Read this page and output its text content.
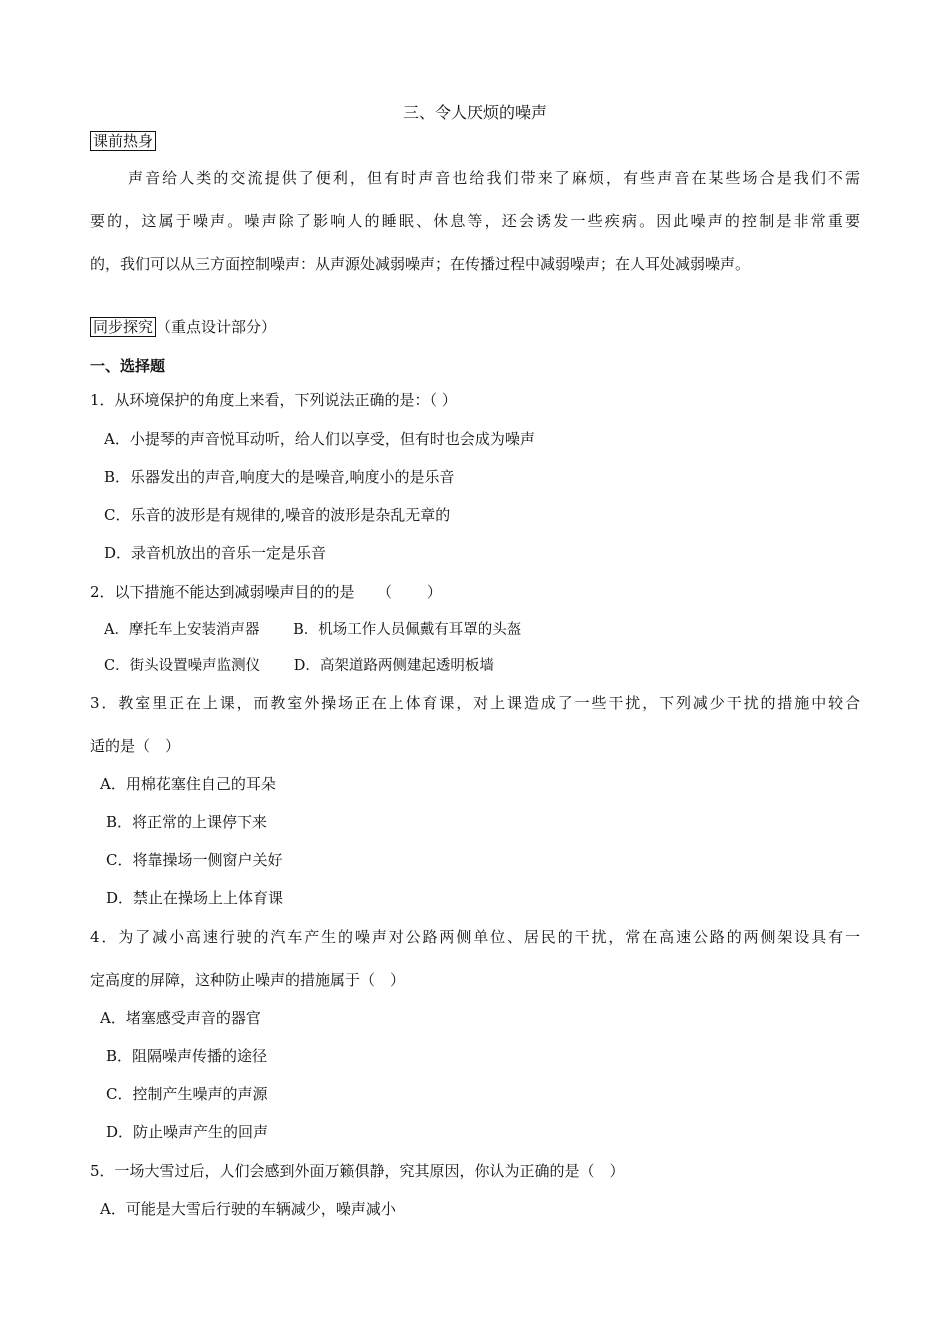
三、令人厌烦的噪声
课前热身
声音给人类的交流提供了便利，但有时声音也给我们带来了麻烦，有些声音在某些场合是我们不需
要的，这属于噪声。噪声除了影响人的睡眠、休息等，还会诱发一些疾病。因此噪声的控制是非常重要
的，我们可以从三方面控制噪声：从声源处减弱噪声；在传播过程中减弱噪声；在人耳处减弱噪声。
同步探究 （重点设计部分）
一、选择题
1．从环境保护的角度上来看，下列说法正确的是：（ ）
A．小提琴的声音悦耳动听，给人们以享受，但有时也会成为噪声
B．乐器发出的声音,响度大的是噪音,响度小的是乐音
C．乐音的波形是有规律的,噪音的波形是杂乱无章的
D．录音机放出的音乐一定是乐音
2．以下措施不能达到减弱噪声目的的是　　（　　 ）
A．摩托车上安装消声器　　 B．机场工作人员佩戴有耳罩的头盔
C．街头设置噪声监测仪　　 D．高架道路两侧建起透明板墙
3．教室里正在上课，而教室外操场正在上体育课，对上课造成了一些干扰，下列减少干扰的措施中较合
适的是（　）
A．用棉花塞住自己的耳朵
B．将正常的上课停下来
C．将靠操场一侧窗户关好
D．禁止在操场上上体育课
4．为了减小高速行驶的汽车产生的噪声对公路两侧单位、居民的干扰，常在高速公路的两侧架设具有一
定高度的屏障，这种防止噪声的措施属于（　）
A．堵塞感受声音的器官
B．阻隔噪声传播的途径
C．控制产生噪声的声源
D．防止噪声产生的回声
5．一场大雪过后，人们会感到外面万籁俱静，究其原因，你认为正确的是（　）
A．可能是大雪后行驶的车辆减少，噪声减小
